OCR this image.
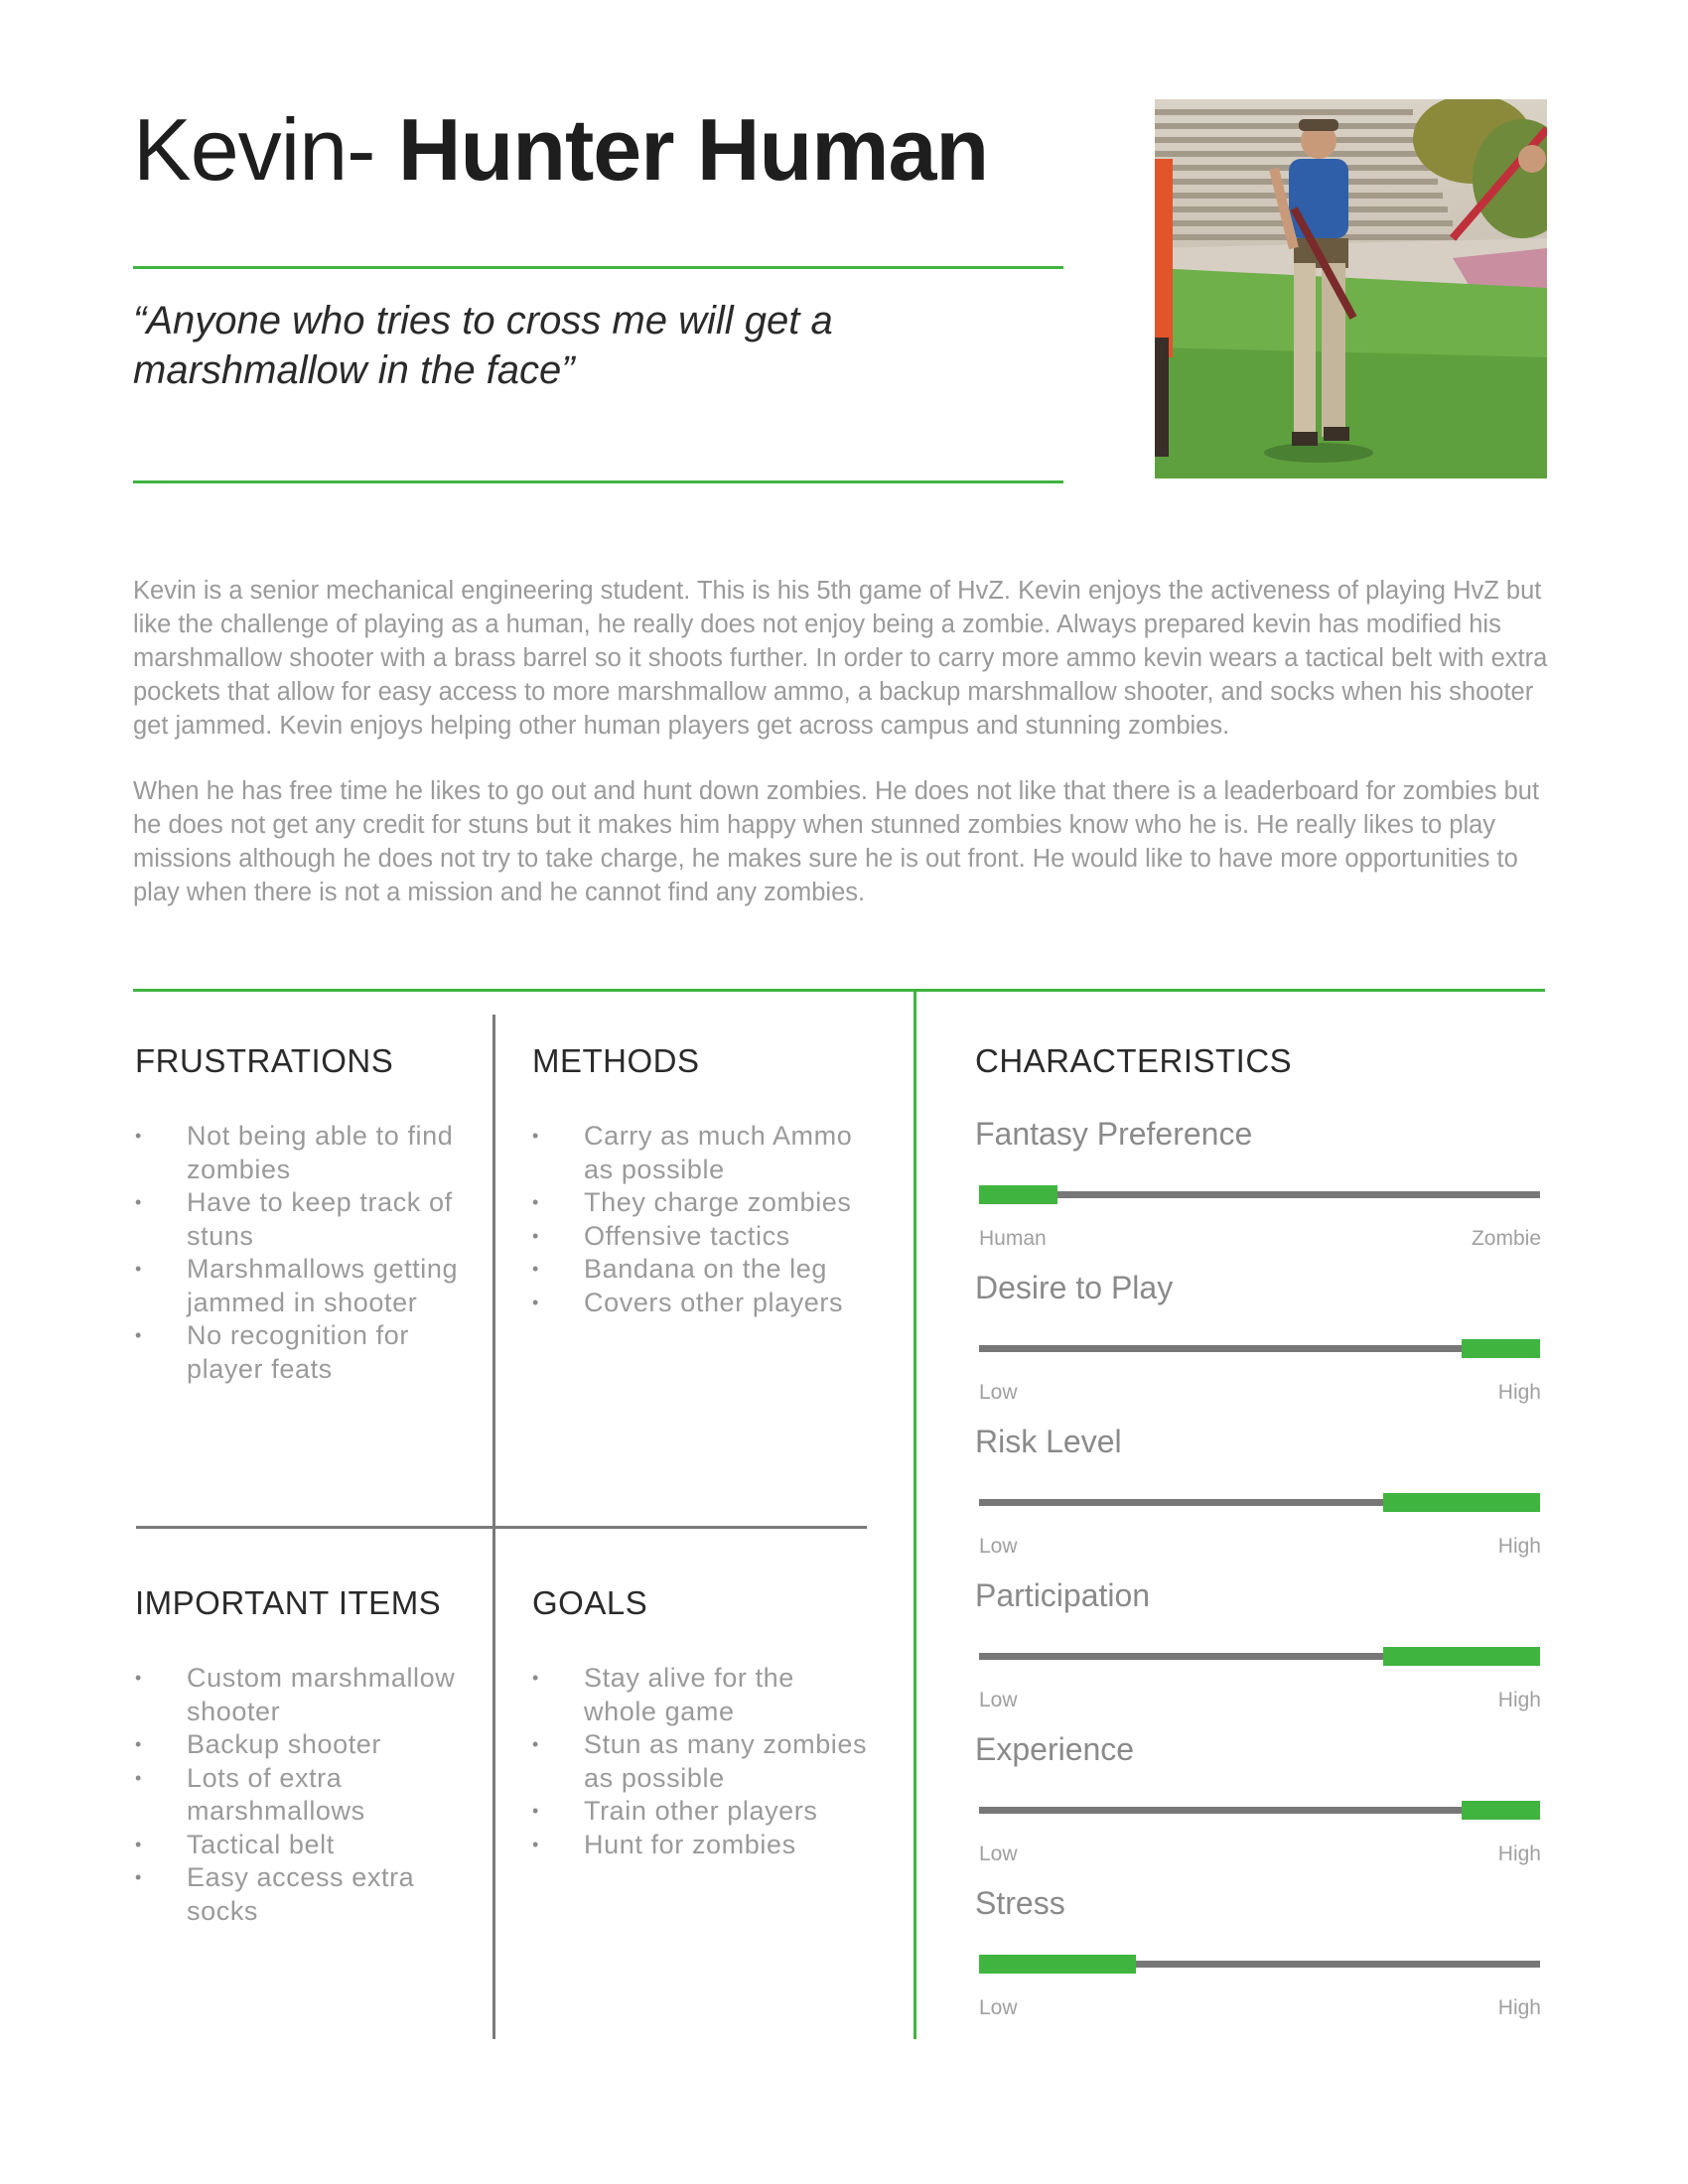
Kevin- Hunter Human
“Anyone who tries to cross me will get a marshmallow in the face”

Kevin is a senior mechanical engineering student. This is his 5th game of HvZ. Kevin enjoys the activeness of playing HvZ but like the challenge of playing as a human, he really does not enjoy being a zombie. Always prepared kevin has modified his marshmallow shooter with a brass barrel so it shoots further. In order to carry more ammo kevin wears a tactical belt with extra pockets that allow for easy access to more marshmallow ammo, a backup marshmallow shooter, and socks when his shooter get jammed. Kevin enjoys helping other human players get across campus and stunning zombies.

When he has free time he likes to go out and hunt down zombies. He does not like that there is a leaderboard for zombies but he does not get any credit for stuns but it makes him happy when stunned zombies know who he is. He really likes to play missions although he does not try to take charge, he makes sure he is out front. He would like to have more opportunities to play when there is not a mission and he cannot find any zombies.

FRUSTRATIONS
• Not being able to find zombies
• Have to keep track of stuns
• Marshmallows getting jammed in shooter
• No recognition for player feats
METHODS
• Carry as much Ammo as possible
• They charge zombies
• Offensive tactics
• Bandana on the leg
• Covers other players
IMPORTANT ITEMS
• Custom marshmallow shooter
• Backup shooter
• Lots of extra marshmallows
• Tactical belt
• Easy access extra socks
GOALS
• Stay alive for the whole game
• Stun as many zombies as possible
• Train other players
• Hunt for zombies
CHARACTERISTICS
Fantasy Preference
Human	Zombie
Desire to Play
Low	High
Risk Level
Low	High
Participation
Low	High
Experience
Low	High
Stress
Low	High
